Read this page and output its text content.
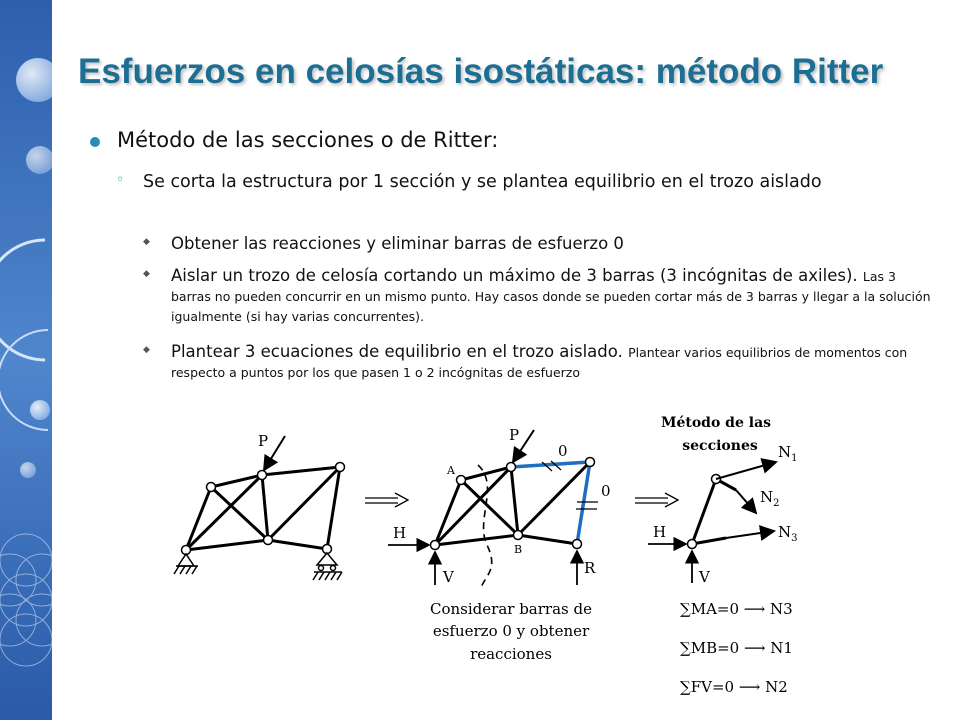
Esfuerzos en celosías isostáticas: método Ritter
Método de las secciones o de Ritter:
◦ Se corta la estructura por 1 sección y se plantea equilibrio en el trozo aislado
◆ Obtener las reacciones y eliminar barras de esfuerzo 0
◆ Aislar un trozo de celosía cortando un máximo de 3 barras (3 incógnitas de axiles). Las 3 barras no pueden concurrir en un mismo punto. Hay casos donde se pueden cortar más de 3 barras y llegar a la solución igualmente (si hay varias concurrentes).
◆ Plantear 3 ecuaciones de equilibrio en el trozo aislado. Plantear varios equilibrios de momentos con respecto a puntos por los que pasen 1 o 2 incógnitas de esfuerzo
P	P
A
B
0
0
H
V	R
Considerar barras de
esfuerzo 0 y obtener
reacciones
Método de las
secciones $N_1$
$N_2$
$N_3$
H
V
∑MA=0 ⟶ N3
∑MB=0 ⟶ N1
∑FV=0 ⟶ N2
